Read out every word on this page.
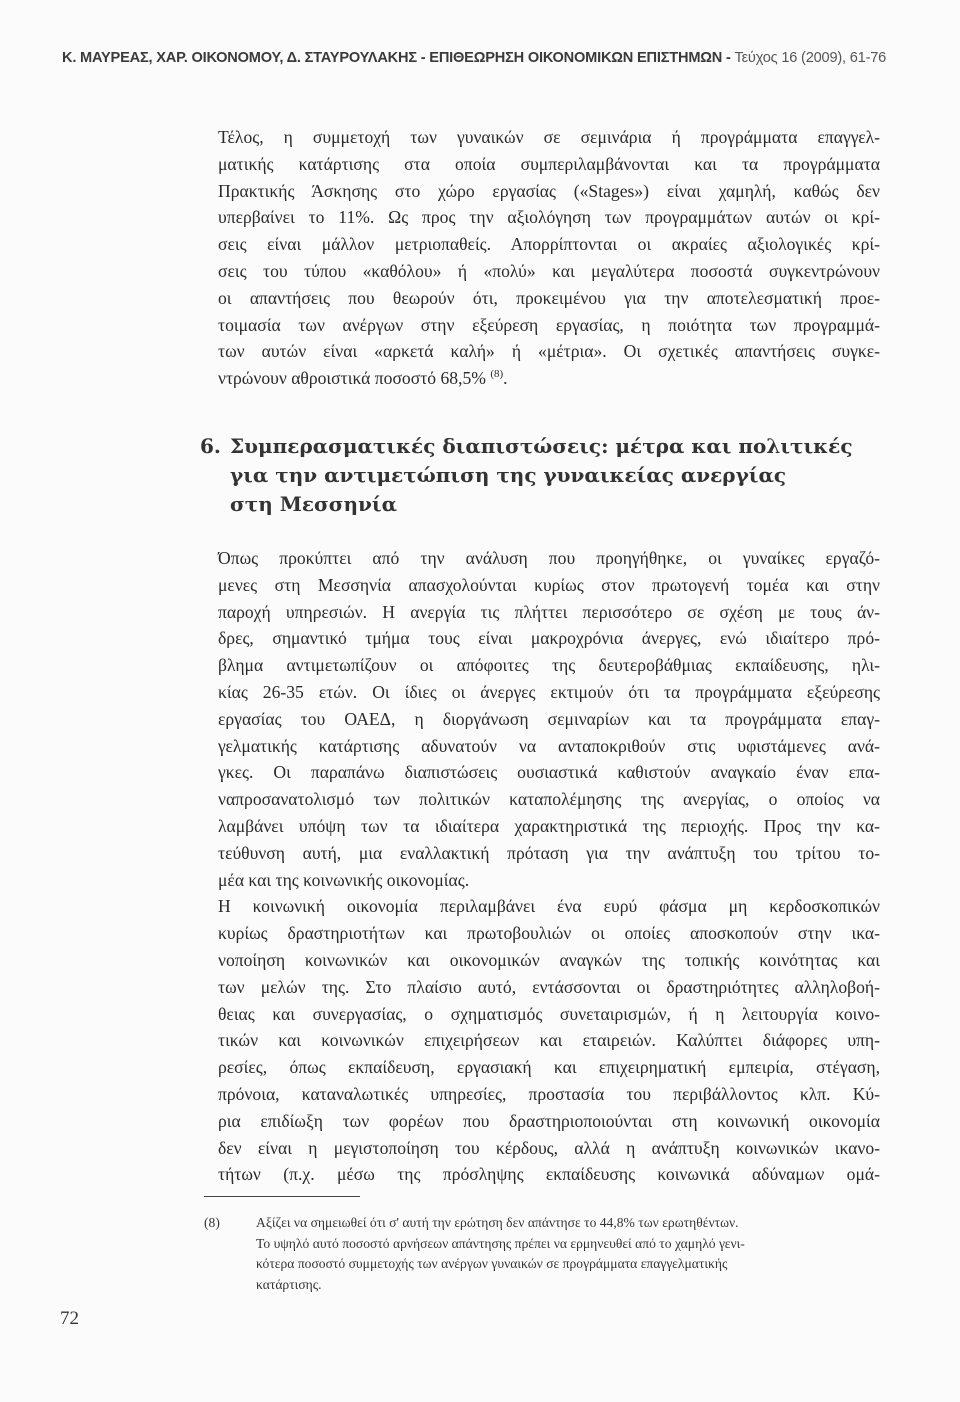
Κ. ΜΑΥΡΕΑΣ, ΧΑΡ. ΟΙΚΟΝΟΜΟΥ, Δ. ΣΤΑΥΡΟΥΛΑΚΗΣ - ΕΠΙΘΕΩΡΗΣΗ ΟΙΚΟΝΟΜΙΚΩΝ ΕΠΙΣΤΗΜΩΝ - Τεύχος 16 (2009), 61-76

Τέλος, η συμμετοχή των γυναικών σε σεμινάρια ή προγράμματα επαγγελ-
ματικής κατάρτισης στα οποία συμπεριλαμβάνονται και τα προγράμματα
Πρακτικής Άσκησης στο χώρο εργασίας («Stages») είναι χαμηλή, καθώς δεν
υπερβαίνει το 11%. Ως προς την αξιολόγηση των προγραμμάτων αυτών οι κρί-
σεις είναι μάλλον μετριοπαθείς. Απορρίπτονται οι ακραίες αξιολογικές κρί-
σεις του τύπου «καθόλου» ή «πολύ» και μεγαλύτερα ποσοστά συγκεντρώνουν
οι απαντήσεις που θεωρούν ότι, προκειμένου για την αποτελεσματική προε-
τοιμασία των ανέργων στην εξεύρεση εργασίας, η ποιότητα των προγραμμά-
των αυτών είναι «αρκετά καλή» ή «μέτρια». Οι σχετικές απαντήσεις συγκε-
ντρώνουν αθροιστικά ποσοστό 68,5% $^{(8)}$.

6. Συμπερασματικές διαπιστώσεις: μέτρα και πολιτικές
για την αντιμετώπιση της γυναικείας ανεργίας
στη Μεσσηνία

Όπως προκύπτει από την ανάλυση που προηγήθηκε, οι γυναίκες εργαζό-
μενες στη Μεσσηνία απασχολούνται κυρίως στον πρωτογενή τομέα και στην
παροχή υπηρεσιών. Η ανεργία τις πλήττει περισσότερο σε σχέση με τους άν-
δρες, σημαντικό τμήμα τους είναι μακροχρόνια άνεργες, ενώ ιδιαίτερο πρό-
βλημα αντιμετωπίζουν οι απόφοιτες της δευτεροβάθμιας εκπαίδευσης, ηλι-
κίας 26-35 ετών. Οι ίδιες οι άνεργες εκτιμούν ότι τα προγράμματα εξεύρεσης
εργασίας του ΟΑΕΔ, η διοργάνωση σεμιναρίων και τα προγράμματα επαγ-
γελματικής κατάρτισης αδυνατούν να ανταποκριθούν στις υφιστάμενες ανά-
γκες. Οι παραπάνω διαπιστώσεις ουσιαστικά καθιστούν αναγκαίο έναν επα-
ναπροσανατολισμό των πολιτικών καταπολέμησης της ανεργίας, ο οποίος να
λαμβάνει υπόψη των τα ιδιαίτερα χαρακτηριστικά της περιοχής. Προς την κα-
τεύθυνση αυτή, μια εναλλακτική πρόταση για την ανάπτυξη του τρίτου το-
μέα και της κοινωνικής οικονομίας.

Η κοινωνική οικονομία περιλαμβάνει ένα ευρύ φάσμα μη κερδοσκοπικών
κυρίως δραστηριοτήτων και πρωτοβουλιών οι οποίες αποσκοπούν στην ικα-
νοποίηση κοινωνικών και οικονομικών αναγκών της τοπικής κοινότητας και
των μελών της. Στο πλαίσιο αυτό, εντάσσονται οι δραστηριότητες αλληλοβοή-
θειας και συνεργασίας, ο σχηματισμός συνεταιρισμών, ή η λειτουργία κοινο-
τικών και κοινωνικών επιχειρήσεων και εταιρειών. Καλύπτει διάφορες υπη-
ρεσίες, όπως εκπαίδευση, εργασιακή και επιχειρηματική εμπειρία, στέγαση,
πρόνοια, καταναλωτικές υπηρεσίες, προστασία του περιβάλλοντος κλπ. Κύ-
ρια επιδίωξη των φορέων που δραστηριοποιούνται στη κοινωνική οικονομία
δεν είναι η μεγιστοποίηση του κέρδους, αλλά η ανάπτυξη κοινωνικών ικανο-
τήτων (π.χ. μέσω της πρόσληψης εκπαίδευσης κοινωνικά αδύναμων ομά-

(8)	Αξίζει να σημειωθεί ότι σ' αυτή την ερώτηση δεν απάντησε το 44,8% των ερωτηθέντων.
Το υψηλό αυτό ποσοστό αρνήσεων απάντησης πρέπει να ερμηνευθεί από το χαμηλό γενι-
κότερα ποσοστό συμμετοχής των ανέργων γυναικών σε προγράμματα επαγγελματικής
κατάρτισης.
72
